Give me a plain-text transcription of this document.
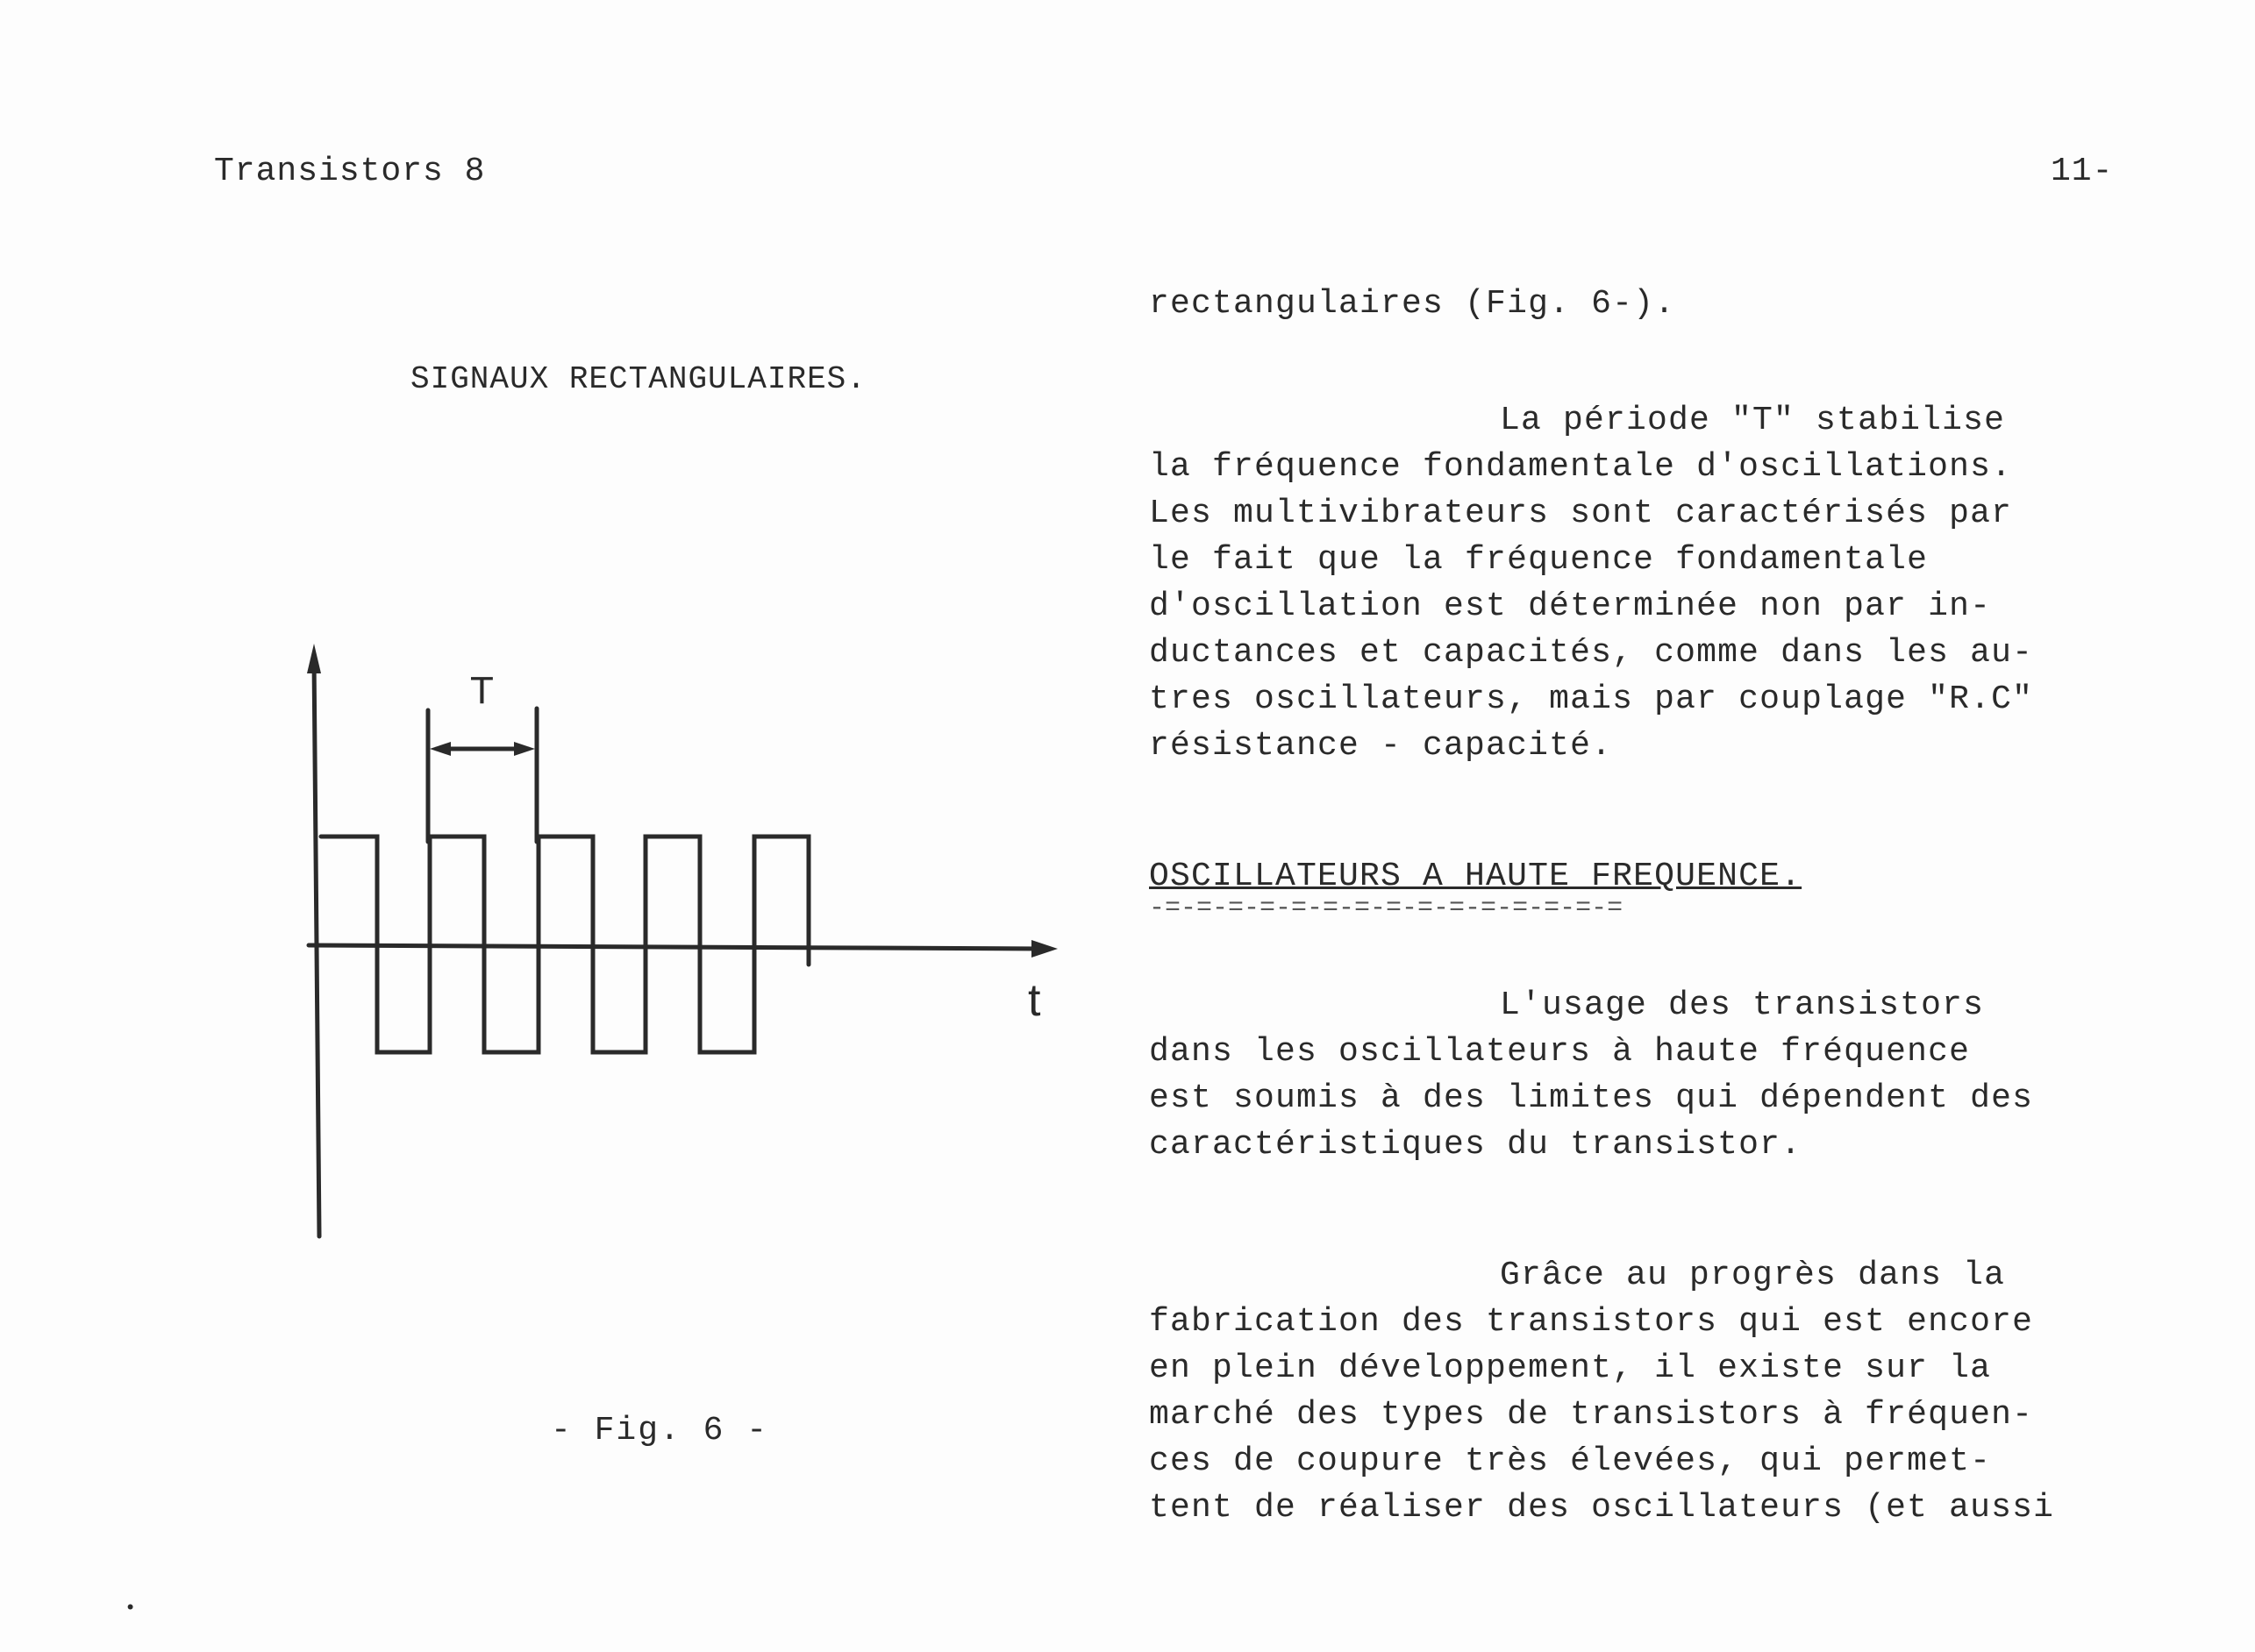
Transistors 8	11-
SIGNAUX RECTANGULAIRES.
T
t
- Fig. 6 -

rectangulaires (Fig. 6-).

La période "T" stabilise

la fréquence fondamentale d'oscillations.

Les multivibrateurs sont caractérisés par

le fait que la fréquence fondamentale

d'oscillation est déterminée non par in-

ductances et capacités, comme dans les au-

tres oscillateurs, mais par couplage "R.C"

résistance - capacité.

OSCILLATEURS A HAUTE FREQUENCE.

-=-=-=-=-=-=-=-=-=-=-=-=-=-=-=

L'usage des transistors

dans les oscillateurs à haute fréquence

est soumis à des limites qui dépendent des

caractéristiques du transistor.

Grâce au progrès dans la

fabrication des transistors qui est encore

en plein développement, il existe sur la

marché des types de transistors à fréquen-

ces de coupure très élevées, qui permet-

tent de réaliser des oscillateurs (et aussi

•
